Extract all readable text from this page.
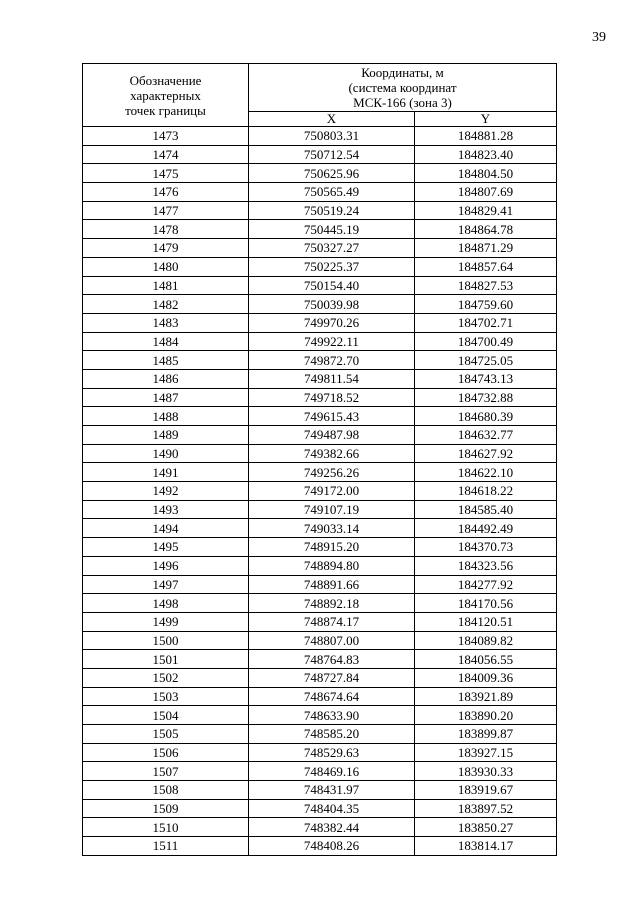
39
Обозначение
характерных
точек границы	Координаты, м
(система координат
МСК-166 (зона 3)	

	X	Y
1473	750803.31	184881.28
1474	750712.54	184823.40
1475	750625.96	184804.50
1476	750565.49	184807.69
1477	750519.24	184829.41
1478	750445.19	184864.78
1479	750327.27	184871.29
1480	750225.37	184857.64
1481	750154.40	184827.53
1482	750039.98	184759.60
1483	749970.26	184702.71
1484	749922.11	184700.49
1485	749872.70	184725.05
1486	749811.54	184743.13
1487	749718.52	184732.88
1488	749615.43	184680.39
1489	749487.98	184632.77
1490	749382.66	184627.92
1491	749256.26	184622.10
1492	749172.00	184618.22
1493	749107.19	184585.40
1494	749033.14	184492.49
1495	748915.20	184370.73
1496	748894.80	184323.56
1497	748891.66	184277.92
1498	748892.18	184170.56
1499	748874.17	184120.51
1500	748807.00	184089.82
1501	748764.83	184056.55
1502	748727.84	184009.36
1503	748674.64	183921.89
1504	748633.90	183890.20
1505	748585.20	183899.87
1506	748529.63	183927.15
1507	748469.16	183930.33
1508	748431.97	183919.67
1509	748404.35	183897.52
1510	748382.44	183850.27
1511	748408.26	183814.17
